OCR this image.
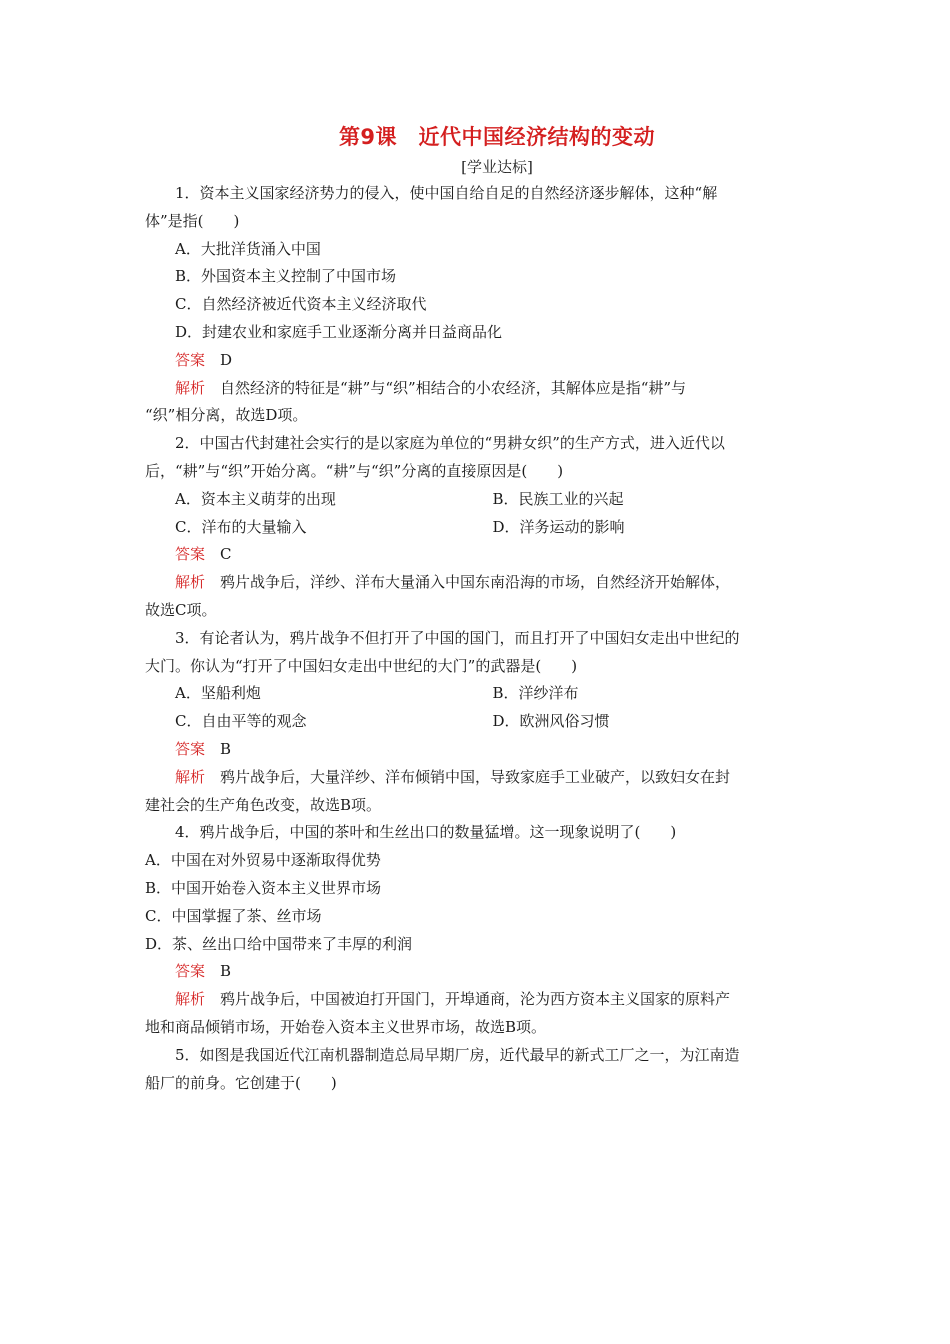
第9课　近代中国经济结构的变动
[学业达标]
1．资本主义国家经济势力的侵入，使中国自给自足的自然经济逐步解体，这种“解
体”是指(　　)
A．大批洋货涌入中国
B．外国资本主义控制了中国市场
C．自然经济被近代资本主义经济取代
D．封建农业和家庭手工业逐渐分离并日益商品化
答案 D
解析 自然经济的特征是“耕”与“织”相结合的小农经济，其解体应是指“耕”与
“织”相分离，故选D项。
2．中国古代封建社会实行的是以家庭为单位的“男耕女织”的生产方式，进入近代以
后，“耕”与“织”开始分离。“耕”与“织”分离的直接原因是(　　)
A．资本主义萌芽的出现	B．民族工业的兴起
C．洋布的大量输入	D．洋务运动的影响
答案 C
解析 鸦片战争后，洋纱、洋布大量涌入中国东南沿海的市场，自然经济开始解体，
故选C项。
3．有论者认为，鸦片战争不但打开了中国的国门，而且打开了中国妇女走出中世纪的
大门。你认为“打开了中国妇女走出中世纪的大门”的武器是(　　)
A．坚船利炮	B．洋纱洋布
C．自由平等的观念	D．欧洲风俗习惯
答案 B
解析 鸦片战争后，大量洋纱、洋布倾销中国，导致家庭手工业破产，以致妇女在封
建社会的生产角色改变，故选B项。
4．鸦片战争后，中国的茶叶和生丝出口的数量猛增。这一现象说明了(　　)
A．中国在对外贸易中逐渐取得优势
B．中国开始卷入资本主义世界市场
C．中国掌握了茶、丝市场
D．茶、丝出口给中国带来了丰厚的利润
答案 B
解析 鸦片战争后，中国被迫打开国门，开埠通商，沦为西方资本主义国家的原料产
地和商品倾销市场，开始卷入资本主义世界市场，故选B项。
5．如图是我国近代江南机器制造总局早期厂房，近代最早的新式工厂之一，为江南造
船厂的前身。它创建于(　　)
